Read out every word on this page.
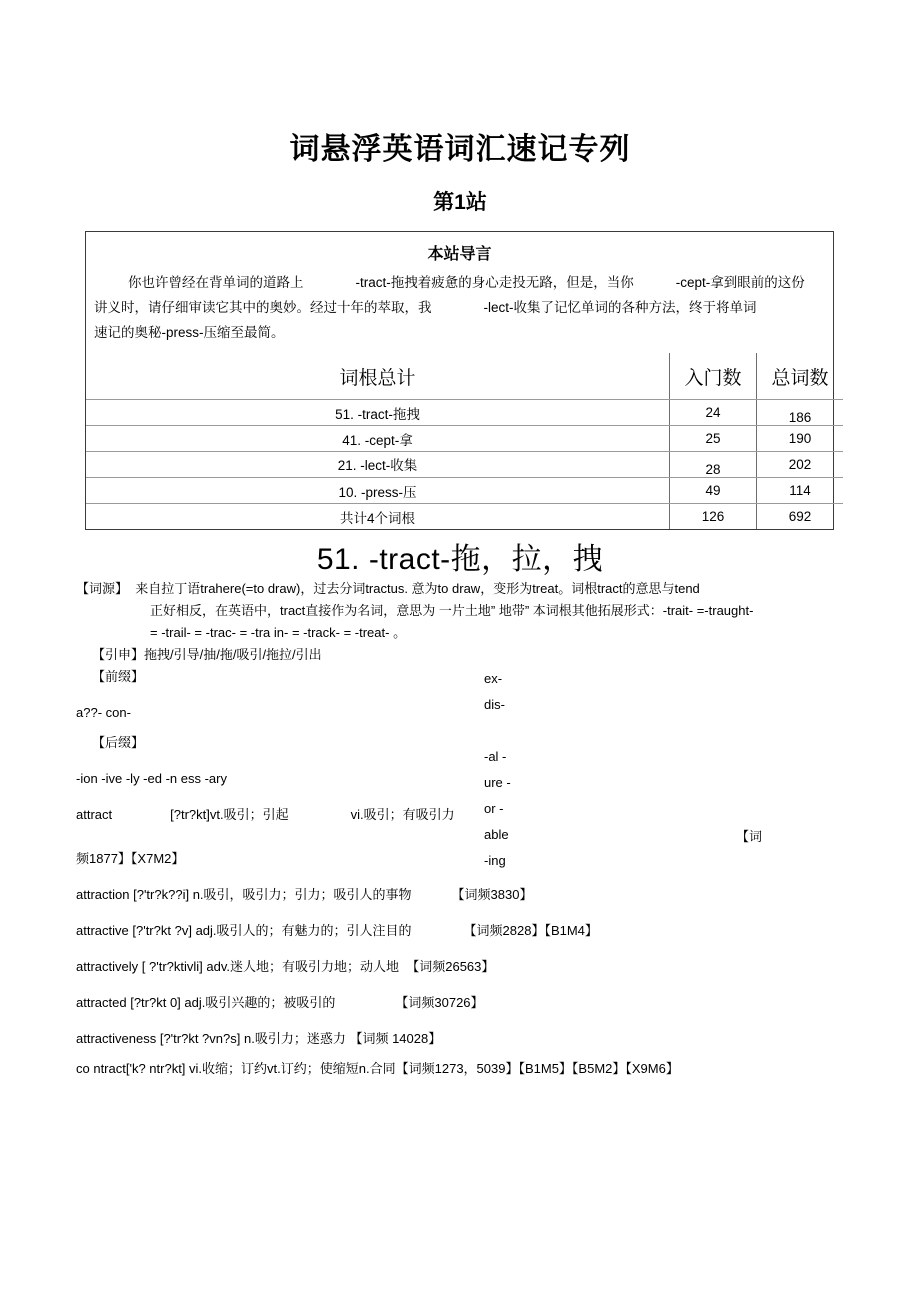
词悬浮英语词汇速记专列
第1站
本站导言

你也许曾经在背单词的道路上	-tract-拖拽着疲惫的身心走投无路，但是，当你	-cept-拿到眼前的这份

讲义时，请仔细审读它其中的奥妙。经过十年的萃取，我	-lect-收集了记忆单词的各种方法，终于将单词

速记的奥秘-press-压缩至最简。

词根总计	入门数	总词数
51. -tract-拖拽	24	186
41. -cept-拿	25	190
21. -lect-收集	28	202
10. -press-压	49	114
共计4个词根	126	692
51. -tract-拖，拉，拽

【词源】 来自拉丁语trahere(=to draw)，过去分词tractus. 意为to draw，变形为treat。词根tract的意思与tend

正好相反，在英语中，tract直接作为名词，意思为 一片土地” 地带” 本词根其他拓展形式：-trait- =-traught-

= -trail- = -trac- = -tra in- = -track- = -treat- 。

【引申】拖拽/引导/抽/拖/吸引/拖拉/引出

ex-
dis-

-al -
ure -
or -
able
-ing

【前缀】

a??- con-

【后缀】

-ion -ive -ly -ed -n ess -ary

attract	[?tr?kt]vt.吸引；引起	vi.吸引；有吸引力
【词
频1877】【X7M2】

attraction [?'tr?k??i] n.吸引，吸引力；引力；吸引人的事物	【词频3830】

attractive [?'tr?kt ?v] adj.吸引人的；有魅力的；引人注目的	【词频2828】【B1M4】

attractively [ ?'tr?ktivli] adv.迷人地；有吸引力地；动人地 【词频26563】

attracted [?tr?kt 0] adj.吸引兴趣的；被吸引的	【词频30726】

attractiveness [?'tr?kt ?vn?s] n.吸引力；迷惑力 【词频 14028】

co ntract['k? ntr?kt] vi.收缩；订约vt.订约；使缩短n.合同【词频1273，5039】【B1M5】【B5M2】【X9M6】
